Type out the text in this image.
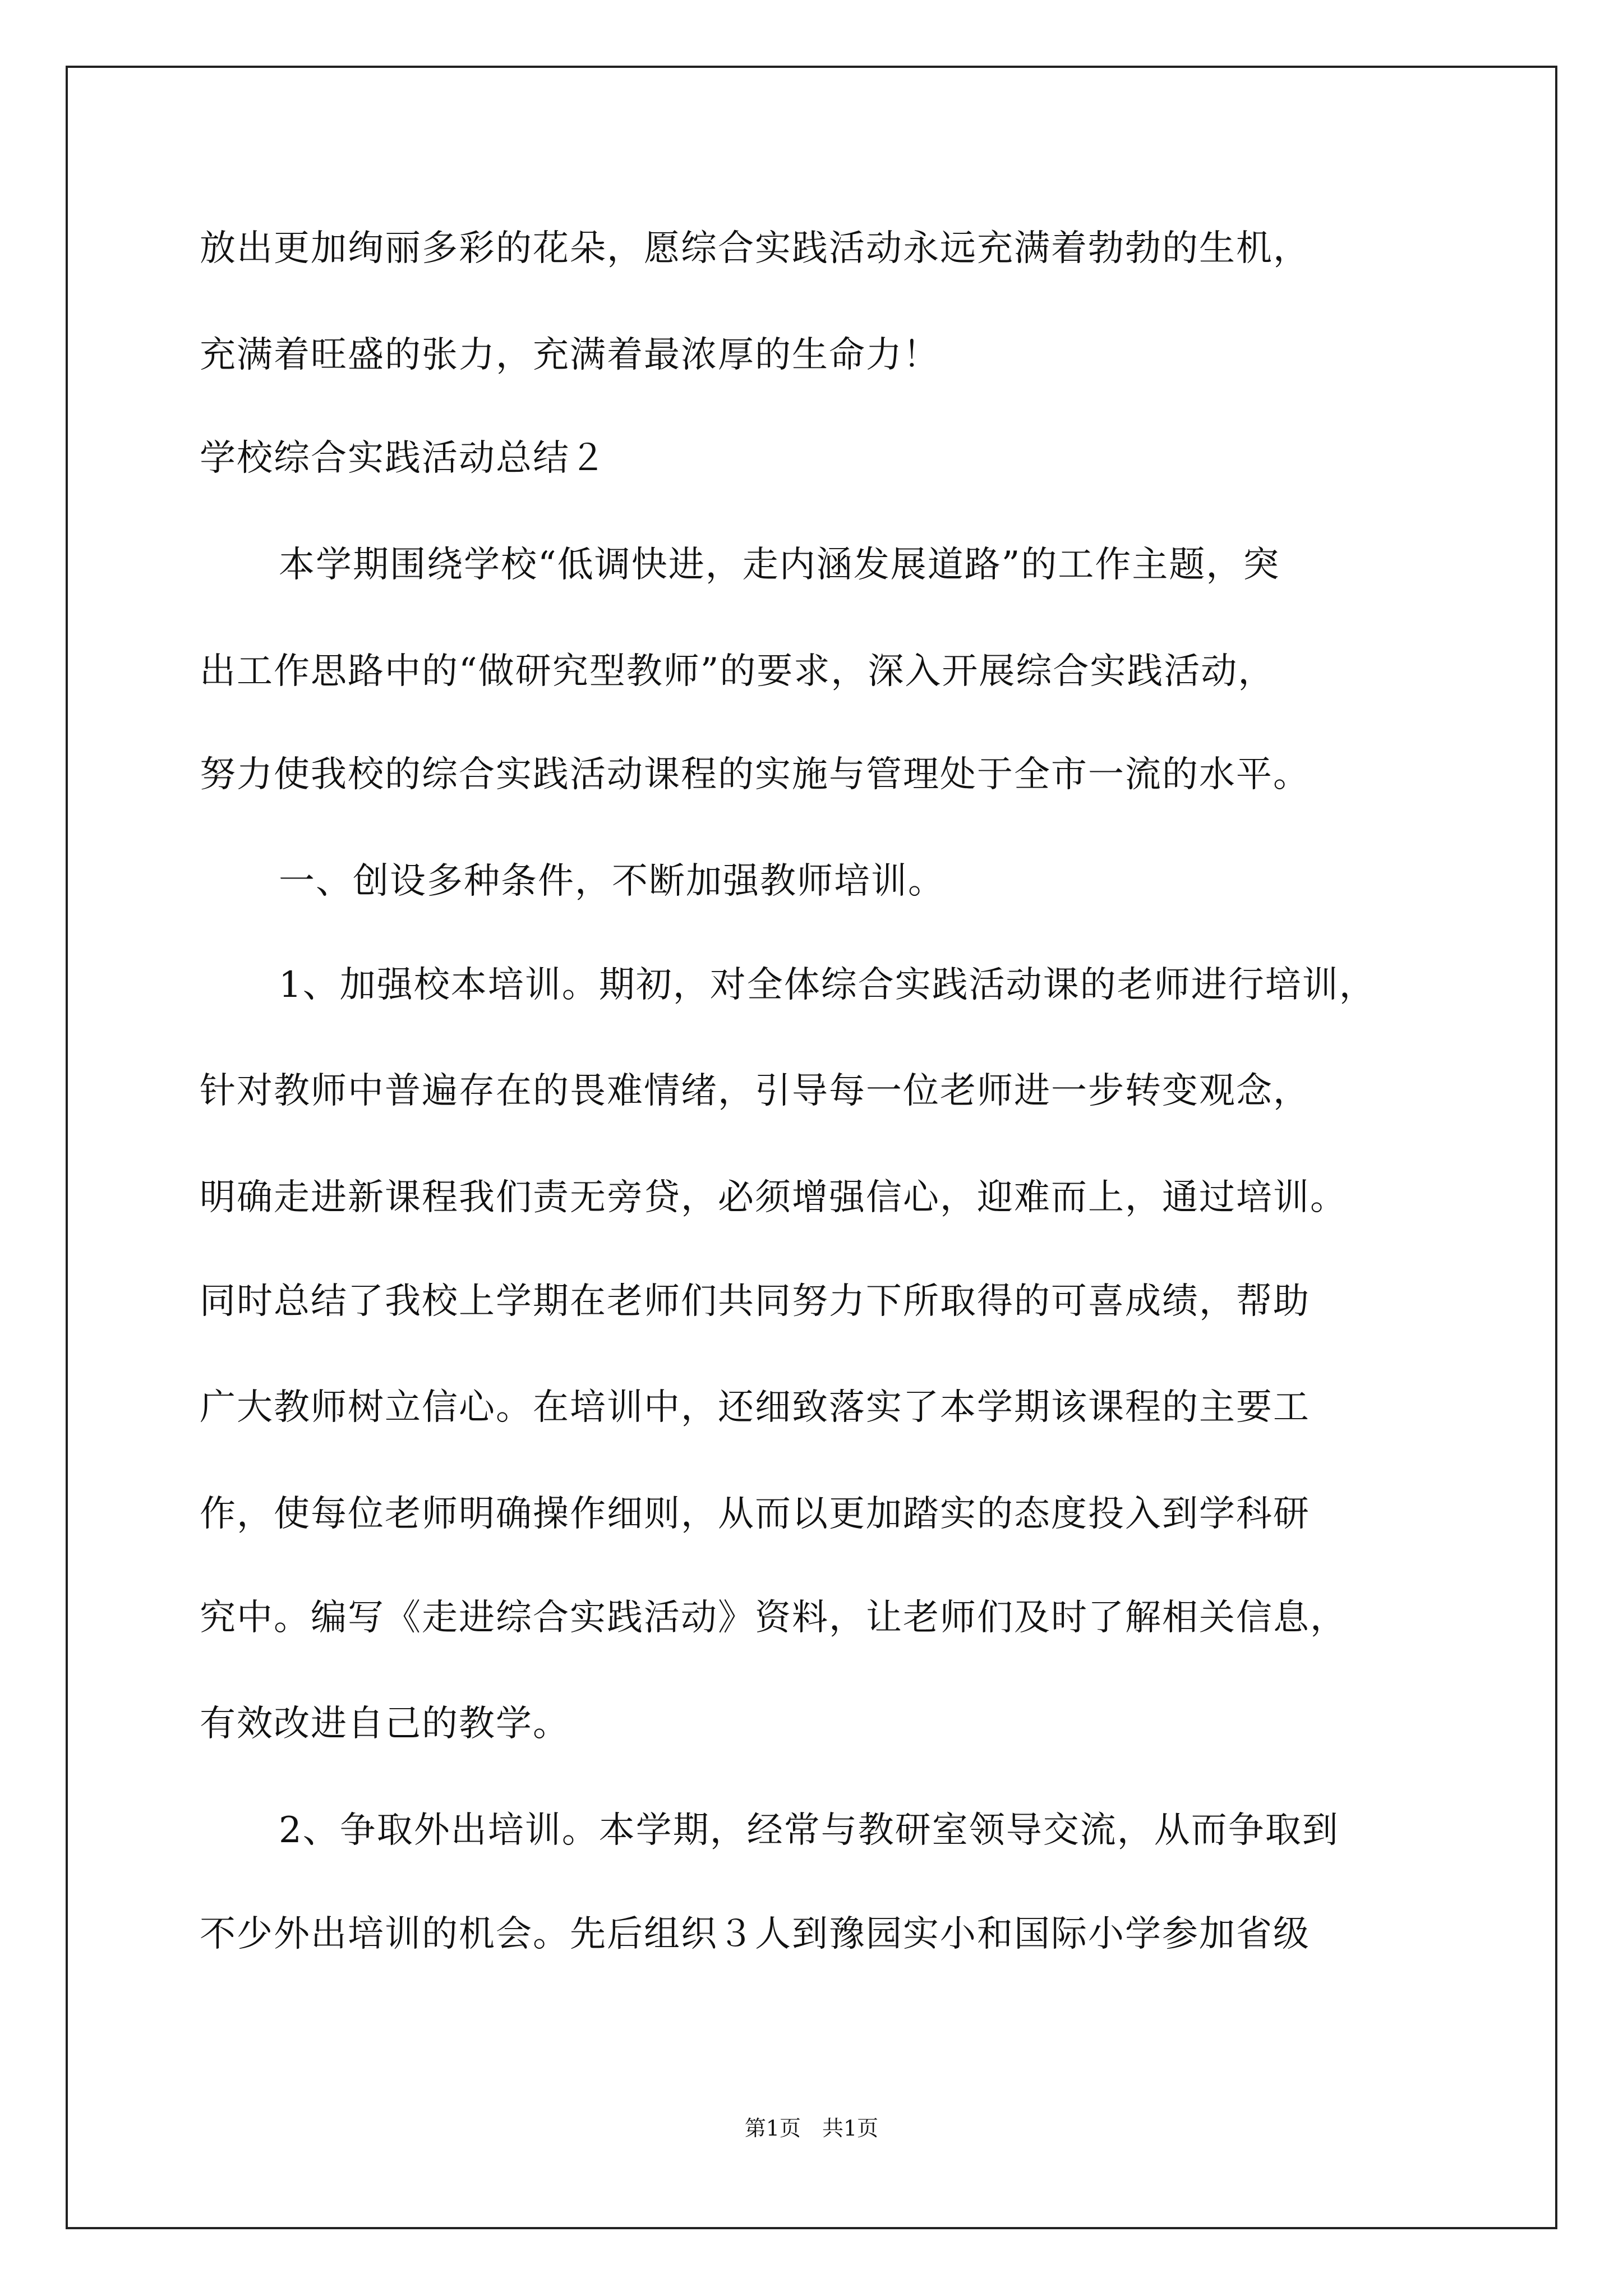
放出更加绚丽多彩的花朵，愿综合实践活动永远充满着勃勃的生机，
充满着旺盛的张力，充满着最浓厚的生命力！
学校综合实践活动总结２
本学期围绕学校“低调快进，走内涵发展道路”的工作主题，突
出工作思路中的“做研究型教师”的要求，深入开展综合实践活动，
努力使我校的综合实践活动课程的实施与管理处于全市一流的水平。
一、创设多种条件，不断加强教师培训。
1、加强校本培训。期初，对全体综合实践活动课的老师进行培训，
针对教师中普遍存在的畏难情绪，引导每一位老师进一步转变观念，
明确走进新课程我们责无旁贷，必须增强信心，迎难而上，通过培训。
同时总结了我校上学期在老师们共同努力下所取得的可喜成绩，帮助
广大教师树立信心。在培训中，还细致落实了本学期该课程的主要工
作，使每位老师明确操作细则，从而以更加踏实的态度投入到学科研
究中。编写《走进综合实践活动》资料，让老师们及时了解相关信息，
有效改进自己的教学。
2、争取外出培训。本学期，经常与教研室领导交流，从而争取到
不少外出培训的机会。先后组织３人到豫园实小和国际小学参加省级
第1页　共1页
